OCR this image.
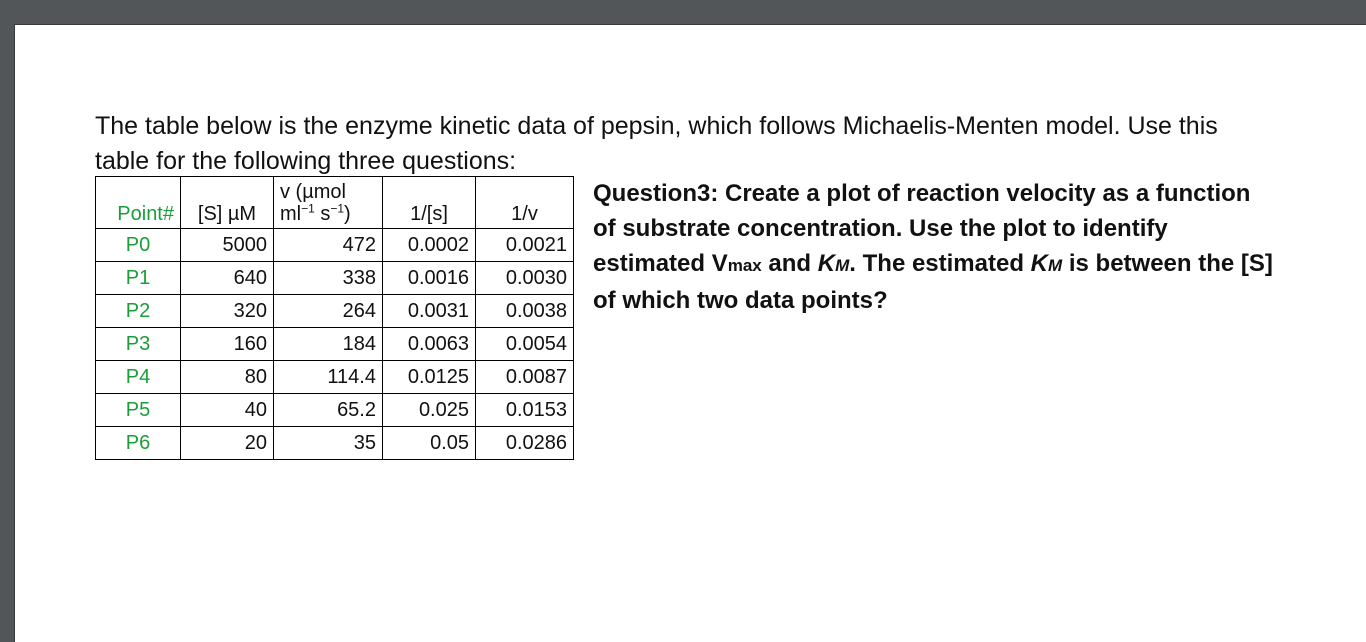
The table below is the enzyme kinetic data of pepsin, which follows Michaelis-Menten model. Use this
table for the following three questions:
Point#	[S] µM	v (µmol
$ml^{-1}$ $s^{-1}$)	1/[s]	1/v
P0	5000	472	0.0002	0.0021
P1	640	338	0.0016	0.0030
P2	320	264	0.0031	0.0038
P3	160	184	0.0063	0.0054
P4	80	114.4	0.0125	0.0087
P5	40	65.2	0.025	0.0153
P6	20	35	0.05	0.0286
Question3: Create a plot of reaction velocity as a function of substrate concentration. Use the plot to identify estimated Vmax and KM. The estimated KM is between the [S] of which two data points?
